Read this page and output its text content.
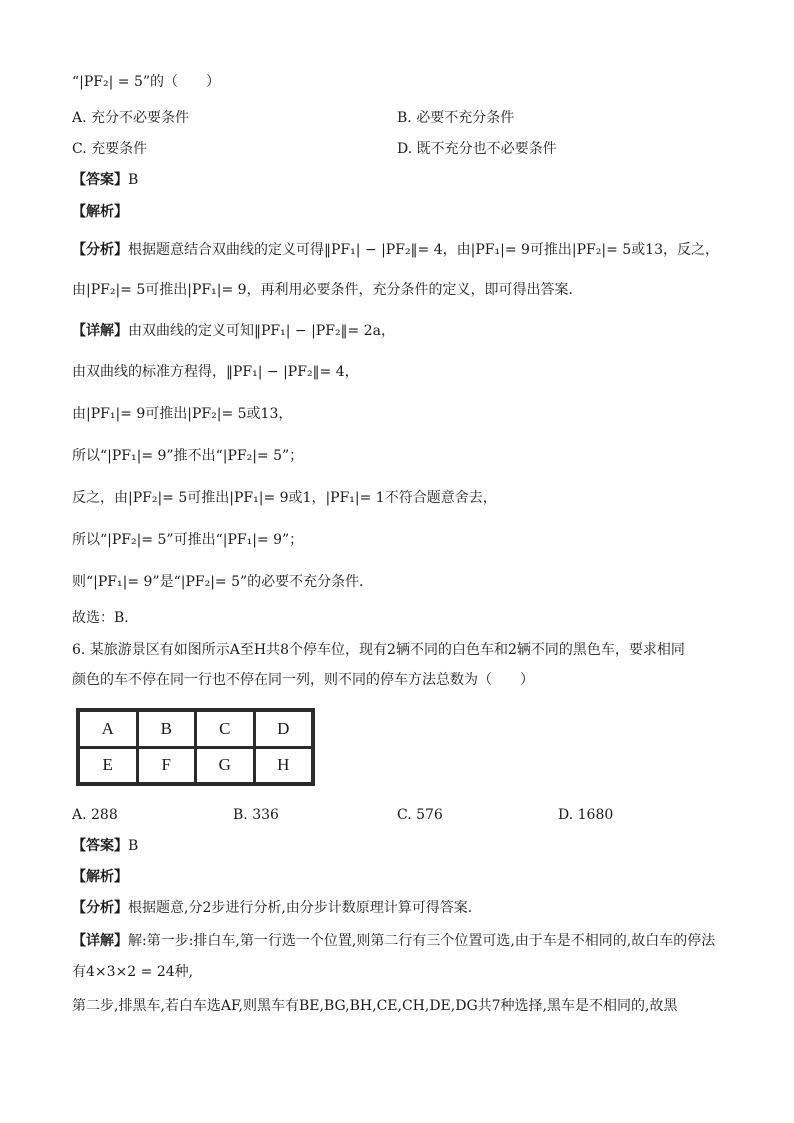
“|PF₂| = 5”的（　　）
A. 充分不必要条件	B. 必要不充分条件
C. 充要条件	D. 既不充分也不必要条件
【答案】B
【解析】
【分析】根据题意结合双曲线的定义可得‖PF₁| − |PF₂‖= 4，由|PF₁|= 9可推出|PF₂|= 5或13，反之，
由|PF₂|= 5可推出|PF₁|= 9，再利用必要条件，充分条件的定义，即可得出答案．
【详解】由双曲线的定义可知‖PF₁| − |PF₂‖= 2a，
由双曲线的标准方程得，‖PF₁| − |PF₂‖= 4，
由|PF₁|= 9可推出|PF₂|= 5或13，
所以“|PF₁|= 9”推不出“|PF₂|= 5”；
反之，由|PF₂|= 5可推出|PF₁|= 9或1，|PF₁|= 1不符合题意舍去，
所以“|PF₂|= 5”可推出“|PF₁|= 9”；
则“|PF₁|= 9”是“|PF₂|= 5”的必要不充分条件．
故选：B．
6. 某旅游景区有如图所示A至H共8个停车位，现有2辆不同的白色车和2辆不同的黑色车，要求相同
颜色的车不停在同一行也不停在同一列，则不同的停车方法总数为（　　）
A	B	C	D
E	F	G	H
A. 288	B. 336	C. 576	D. 1680
【答案】B
【解析】
【分析】根据题意,分2步进行分析,由分步计数原理计算可得答案.
【详解】解:第一步:排白车,第一行选一个位置,则第二行有三个位置可选,由于车是不相同的,故白车的停法
有4×3×2 = 24种,
第二步,排黑车,若白车选AF,则黑车有BE,BG,BH,CE,CH,DE,DG共7种选择,黑车是不相同的,故黑
